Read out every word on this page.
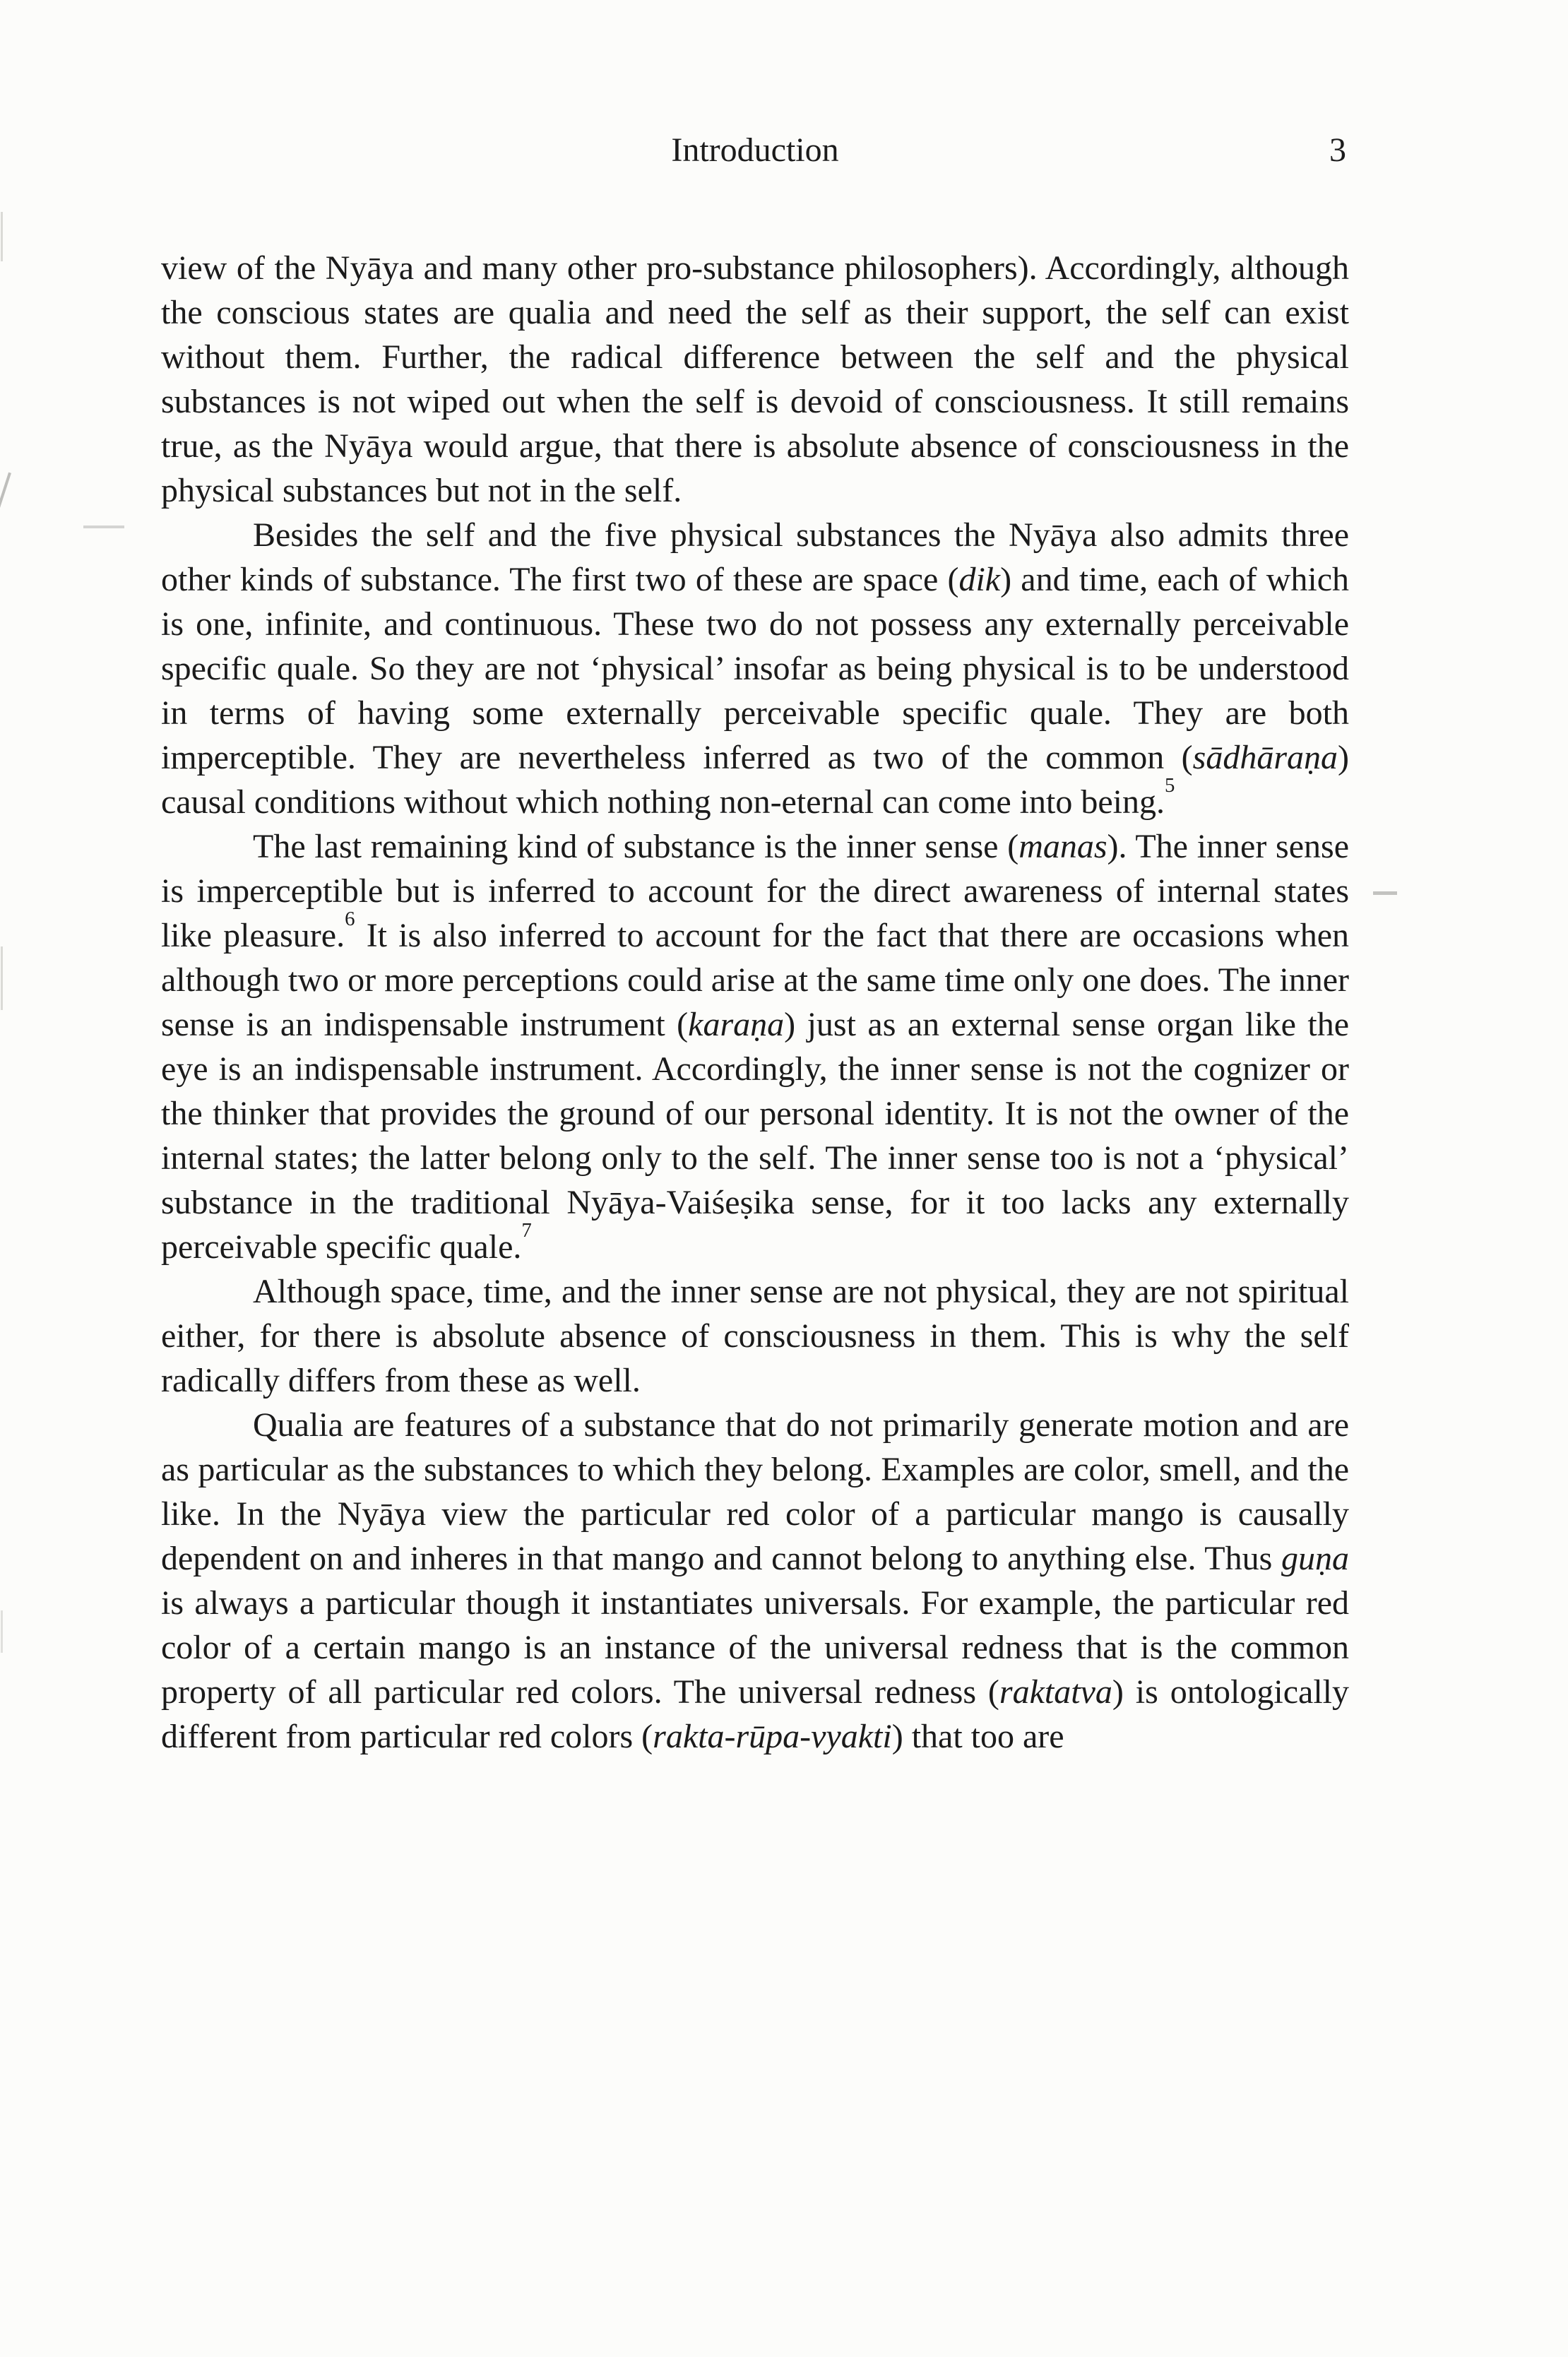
Introduction	3

view of the Nyāya and many other pro-substance philosophers). Accordingly, although the conscious states are qualia and need the self as their support, the self can exist without them. Further, the radical difference between the self and the physical substances is not wiped out when the self is devoid of consciousness. It still remains true, as the Nyāya would argue, that there is absolute absence of consciousness in the physical substances but not in the self.

Besides the self and the five physical substances the Nyāya also admits three other kinds of substance. The first two of these are space (dik) and time, each of which is one, infinite, and continuous. These two do not possess any externally perceivable specific quale. So they are not ‘physical’ insofar as being physical is to be understood in terms of having some externally perceivable specific quale. They are both imperceptible. They are nevertheless inferred as two of the common (sādhāraṇa) causal conditions without which nothing non-eternal can come into being.$^5$

The last remaining kind of substance is the inner sense (manas). The inner sense is imperceptible but is inferred to account for the direct awareness of internal states like pleasure.$^6$ It is also inferred to account for the fact that there are occasions when although two or more perceptions could arise at the same time only one does. The inner sense is an indispensable instrument (karaṇa) just as an external sense organ like the eye is an indispensable instrument. Accordingly, the inner sense is not the cognizer or the thinker that provides the ground of our personal identity. It is not the owner of the internal states; the latter belong only to the self. The inner sense too is not a ‘physical’ substance in the traditional Nyāya-Vaiśeṣika sense, for it too lacks any externally perceivable specific quale.$^7$

Although space, time, and the inner sense are not physical, they are not spiritual either, for there is absolute absence of consciousness in them. This is why the self radically differs from these as well.

Qualia are features of a substance that do not primarily generate motion and are as particular as the substances to which they belong. Examples are color, smell, and the like. In the Nyāya view the particular red color of a particular mango is causally dependent on and inheres in that mango and cannot belong to anything else. Thus guṇa is always a particular though it instantiates universals. For example, the particular red color of a certain mango is an instance of the universal redness that is the common property of all particular red colors. The universal redness (raktatva) is ontologically different from particular red colors (rakta-rūpa-vyakti) that too are
